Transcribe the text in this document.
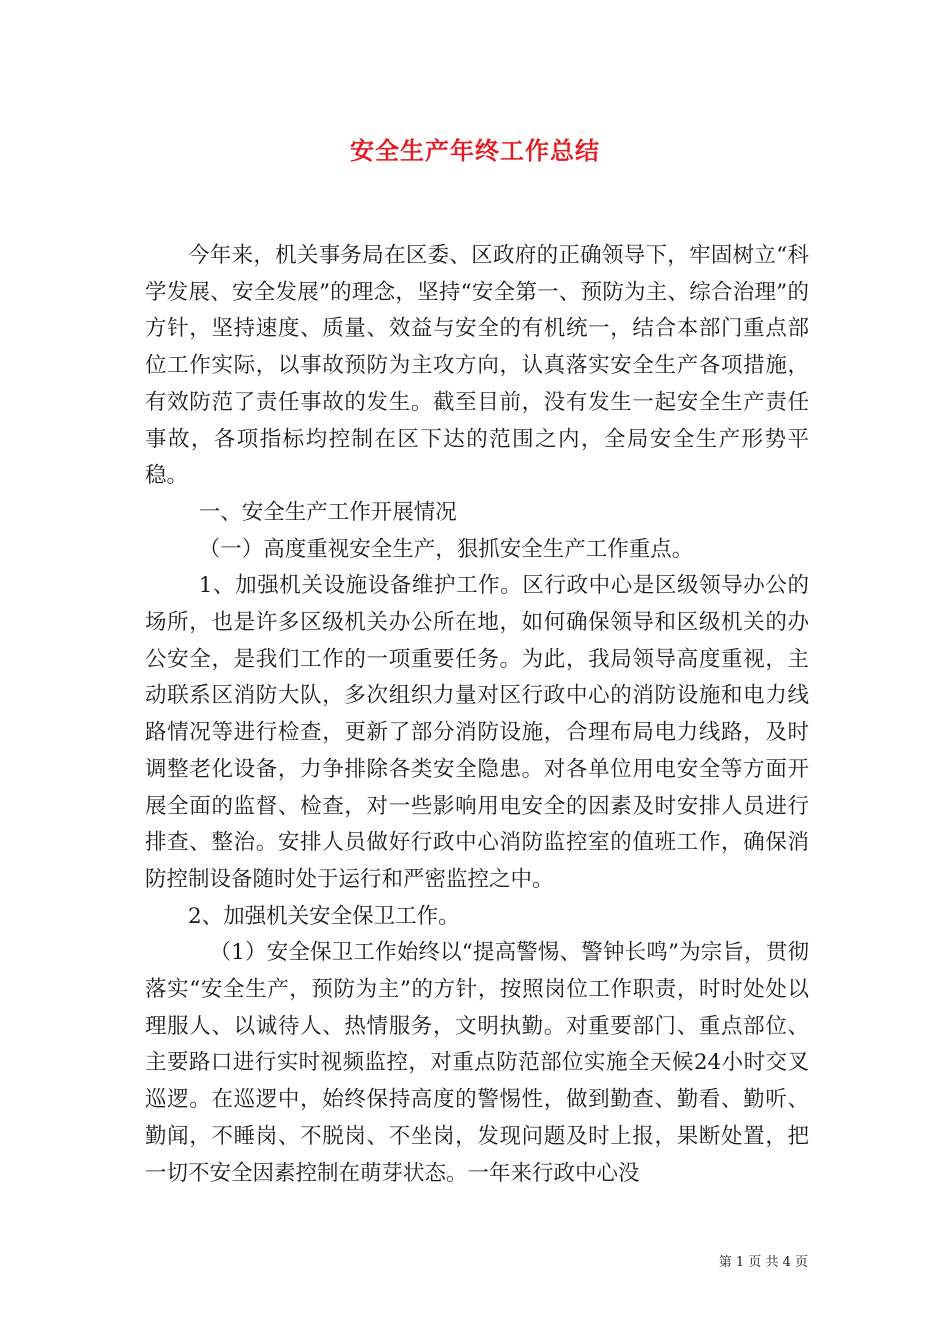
安全生产年终工作总结

今年来，机关事务局在区委、区政府的正确领导下，牢固树立“科学发展、安全发展”的理念，坚持“安全第一、预防为主、综合治理”的方针，坚持速度、质量、效益与安全的有机统一，结合本部门重点部位工作实际，以事故预防为主攻方向，认真落实安全生产各项措施，有效防范了责任事故的发生。截至目前，没有发生一起安全生产责任事故，各项指标均控制在区下达的范围之内，全局安全生产形势平稳。

一、安全生产工作开展情况

（一）高度重视安全生产，狠抓安全生产工作重点。

1、加强机关设施设备维护工作。区行政中心是区级领导办公的场所，也是许多区级机关办公所在地，如何确保领导和区级机关的办公安全，是我们工作的一项重要任务。为此，我局领导高度重视，主动联系区消防大队，多次组织力量对区行政中心的消防设施和电力线路情况等进行检查，更新了部分消防设施，合理布局电力线路，及时调整老化设备，力争排除各类安全隐患。对各单位用电安全等方面开展全面的监督、检查，对一些影响用电安全的因素及时安排人员进行排查、整治。安排人员做好行政中心消防监控室的值班工作，确保消防控制设备随时处于运行和严密监控之中。

2、加强机关安全保卫工作。

（1）安全保卫工作始终以“提高警惕、警钟长鸣”为宗旨，贯彻落实“安全生产，预防为主”的方针，按照岗位工作职责，时时处处以理服人、以诚待人、热情服务，文明执勤。对重要部门、重点部位、主要路口进行实时视频监控，对重点防范部位实施全天候24小时交叉巡逻。在巡逻中，始终保持高度的警惕性，做到勤查、勤看、勤听、勤闻，不睡岗、不脱岗、不坐岗，发现问题及时上报，果断处置，把一切不安全因素控制在萌芽状态。一年来行政中心没

第 1 页 共 4 页
